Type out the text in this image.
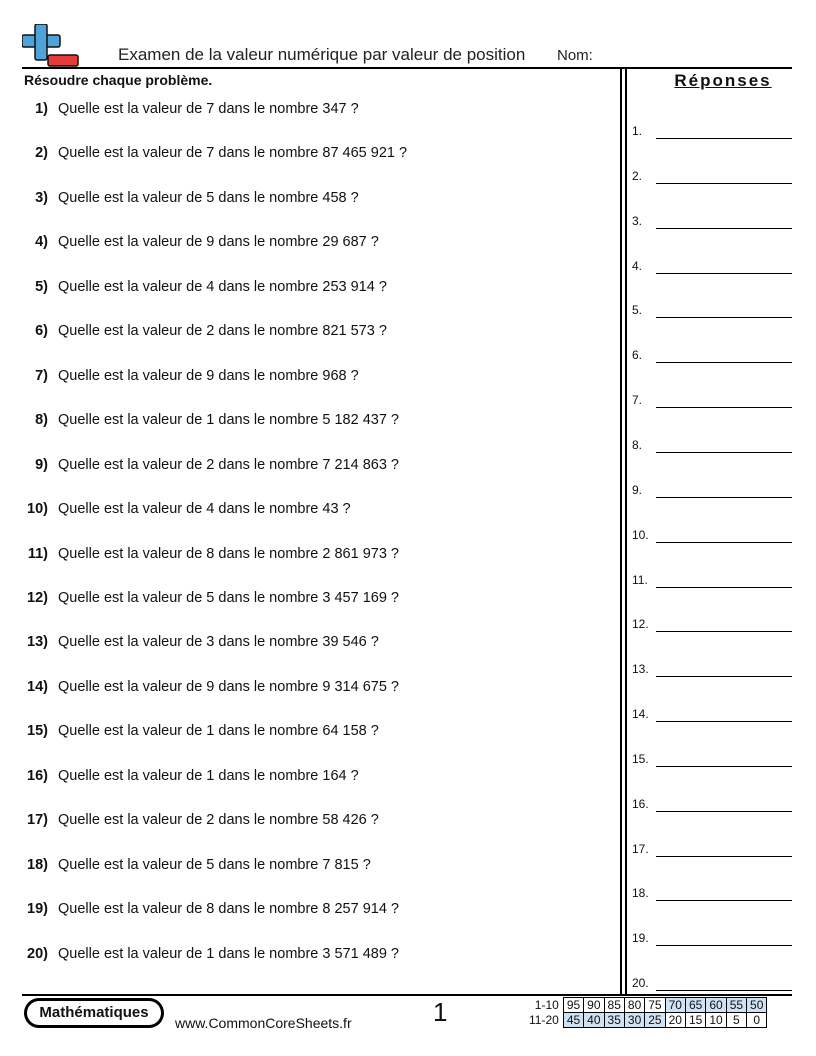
Examen de la valeur numérique par valeur de position Nom:
Résoudre chaque problème.
1) Quelle est la valeur de 7 dans le nombre 347 ?
2) Quelle est la valeur de 7 dans le nombre 87 465 921 ?
3) Quelle est la valeur de 5 dans le nombre 458 ?
4) Quelle est la valeur de 9 dans le nombre 29 687 ?
5) Quelle est la valeur de 4 dans le nombre 253 914 ?
6) Quelle est la valeur de 2 dans le nombre 821 573 ?
7) Quelle est la valeur de 9 dans le nombre 968 ?
8) Quelle est la valeur de 1 dans le nombre 5 182 437 ?
9) Quelle est la valeur de 2 dans le nombre 7 214 863 ?
10) Quelle est la valeur de 4 dans le nombre 43 ?
11) Quelle est la valeur de 8 dans le nombre 2 861 973 ?
12) Quelle est la valeur de 5 dans le nombre 3 457 169 ?
13) Quelle est la valeur de 3 dans le nombre 39 546 ?
14) Quelle est la valeur de 9 dans le nombre 9 314 675 ?
15) Quelle est la valeur de 1 dans le nombre 64 158 ?
16) Quelle est la valeur de 1 dans le nombre 164 ?
17) Quelle est la valeur de 2 dans le nombre 58 426 ?
18) Quelle est la valeur de 5 dans le nombre 7 815 ?
19) Quelle est la valeur de 8 dans le nombre 8 257 914 ?
20) Quelle est la valeur de 1 dans le nombre 3 571 489 ?
Réponses
1.
2.
3.
4.
5.
6.
7.
8.
9.
10.
11.
12.
13.
14.
15.
16.
17.
18.
19.
20.
Mathématiques
www.CommonCoreSheets.fr	1	1-10	95	90	85	80	75	70	65	60	55	50
11-20	45	40	35	30	25	20	15	10	5	0
